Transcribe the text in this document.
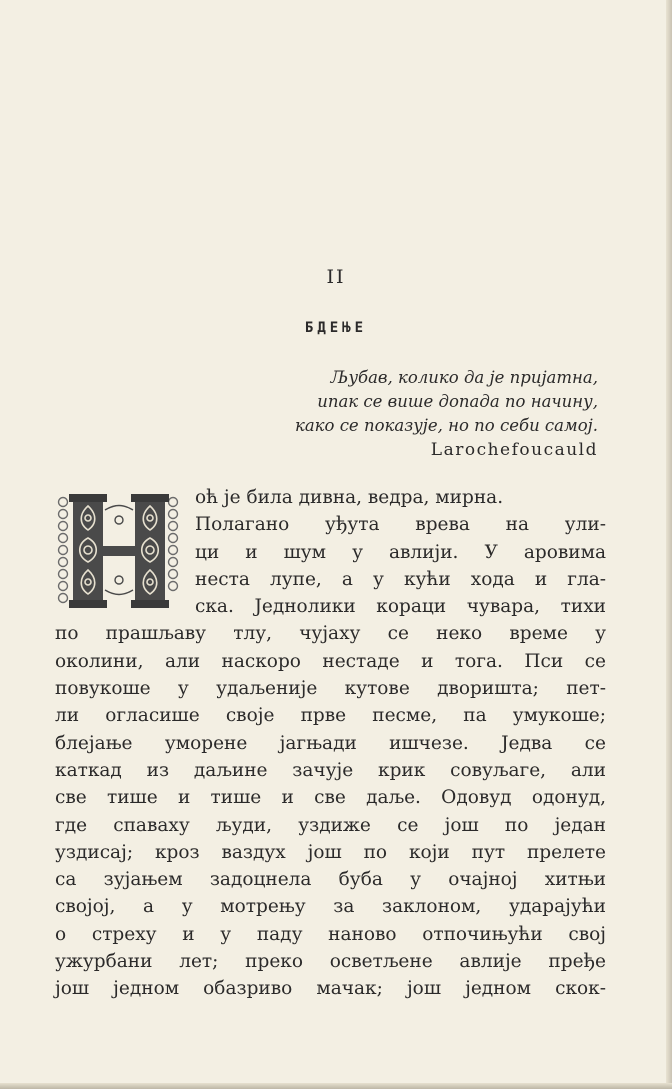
II
БДЕЊЕ
Љубав, колико да је пријатна,
ипак се више допада по начину,
како се показује, но по себи самој.
Larochefoucauld
оћ је била дивна, ведра, мирна.
Полагано уђута врева на ули-
ци и шум у авлији. У аровима
неста лупе, а у кући хода и гла-
ска. Једнолики кораци чувара, тихи
по прашљаву тлу, чујаху се неко време у
околини, али наскоро нестаде и тога. Пси се
повукоше у удаљеније кутове дворишта; пет-
ли огласише своје прве песме, па умукоше;
блејање уморене јагњади ишчезе. Једва се
каткад из даљине зачује крик совуљаге, али
све тише и тише и све даље. Одовуд одонуд,
где спаваху људи, уздиже се још по један
уздисај; кроз ваздух још по који пут прелете
са зујањем задоцнела буба у очајној хитњи
својој, а у мотрењу за заклоном, ударајући
о стреху и у паду наново отпочињући свој
ужурбани лет; преко осветљене авлије пређе
још једном обазриво мачак; још једном скок-
